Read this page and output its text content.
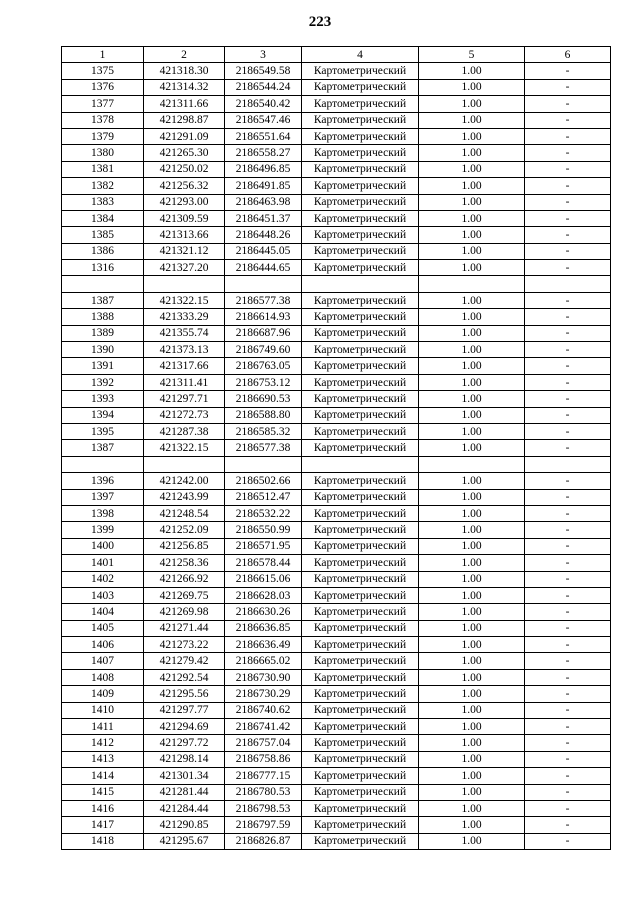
223
1	2	3	4	5	6
1375	421318.30	2186549.58	Картометрический	1.00	-
1376	421314.32	2186544.24	Картометрический	1.00	-
1377	421311.66	2186540.42	Картометрический	1.00	-
1378	421298.87	2186547.46	Картометрический	1.00	-
1379	421291.09	2186551.64	Картометрический	1.00	-
1380	421265.30	2186558.27	Картометрический	1.00	-
1381	421250.02	2186496.85	Картометрический	1.00	-
1382	421256.32	2186491.85	Картометрический	1.00	-
1383	421293.00	2186463.98	Картометрический	1.00	-
1384	421309.59	2186451.37	Картометрический	1.00	-
1385	421313.66	2186448.26	Картометрический	1.00	-
1386	421321.12	2186445.05	Картометрический	1.00	-
1316	421327.20	2186444.65	Картометрический	1.00	-

1387	421322.15	2186577.38	Картометрический	1.00	-
1388	421333.29	2186614.93	Картометрический	1.00	-
1389	421355.74	2186687.96	Картометрический	1.00	-
1390	421373.13	2186749.60	Картометрический	1.00	-
1391	421317.66	2186763.05	Картометрический	1.00	-
1392	421311.41	2186753.12	Картометрический	1.00	-
1393	421297.71	2186690.53	Картометрический	1.00	-
1394	421272.73	2186588.80	Картометрический	1.00	-
1395	421287.38	2186585.32	Картометрический	1.00	-
1387	421322.15	2186577.38	Картометрический	1.00	-

1396	421242.00	2186502.66	Картометрический	1.00	-
1397	421243.99	2186512.47	Картометрический	1.00	-
1398	421248.54	2186532.22	Картометрический	1.00	-
1399	421252.09	2186550.99	Картометрический	1.00	-
1400	421256.85	2186571.95	Картометрический	1.00	-
1401	421258.36	2186578.44	Картометрический	1.00	-
1402	421266.92	2186615.06	Картометрический	1.00	-
1403	421269.75	2186628.03	Картометрический	1.00	-
1404	421269.98	2186630.26	Картометрический	1.00	-
1405	421271.44	2186636.85	Картометрический	1.00	-
1406	421273.22	2186636.49	Картометрический	1.00	-
1407	421279.42	2186665.02	Картометрический	1.00	-
1408	421292.54	2186730.90	Картометрический	1.00	-
1409	421295.56	2186730.29	Картометрический	1.00	-
1410	421297.77	2186740.62	Картометрический	1.00	-
1411	421294.69	2186741.42	Картометрический	1.00	-
1412	421297.72	2186757.04	Картометрический	1.00	-
1413	421298.14	2186758.86	Картометрический	1.00	-
1414	421301.34	2186777.15	Картометрический	1.00	-
1415	421281.44	2186780.53	Картометрический	1.00	-
1416	421284.44	2186798.53	Картометрический	1.00	-
1417	421290.85	2186797.59	Картометрический	1.00	-
1418	421295.67	2186826.87	Картометрический	1.00	-
